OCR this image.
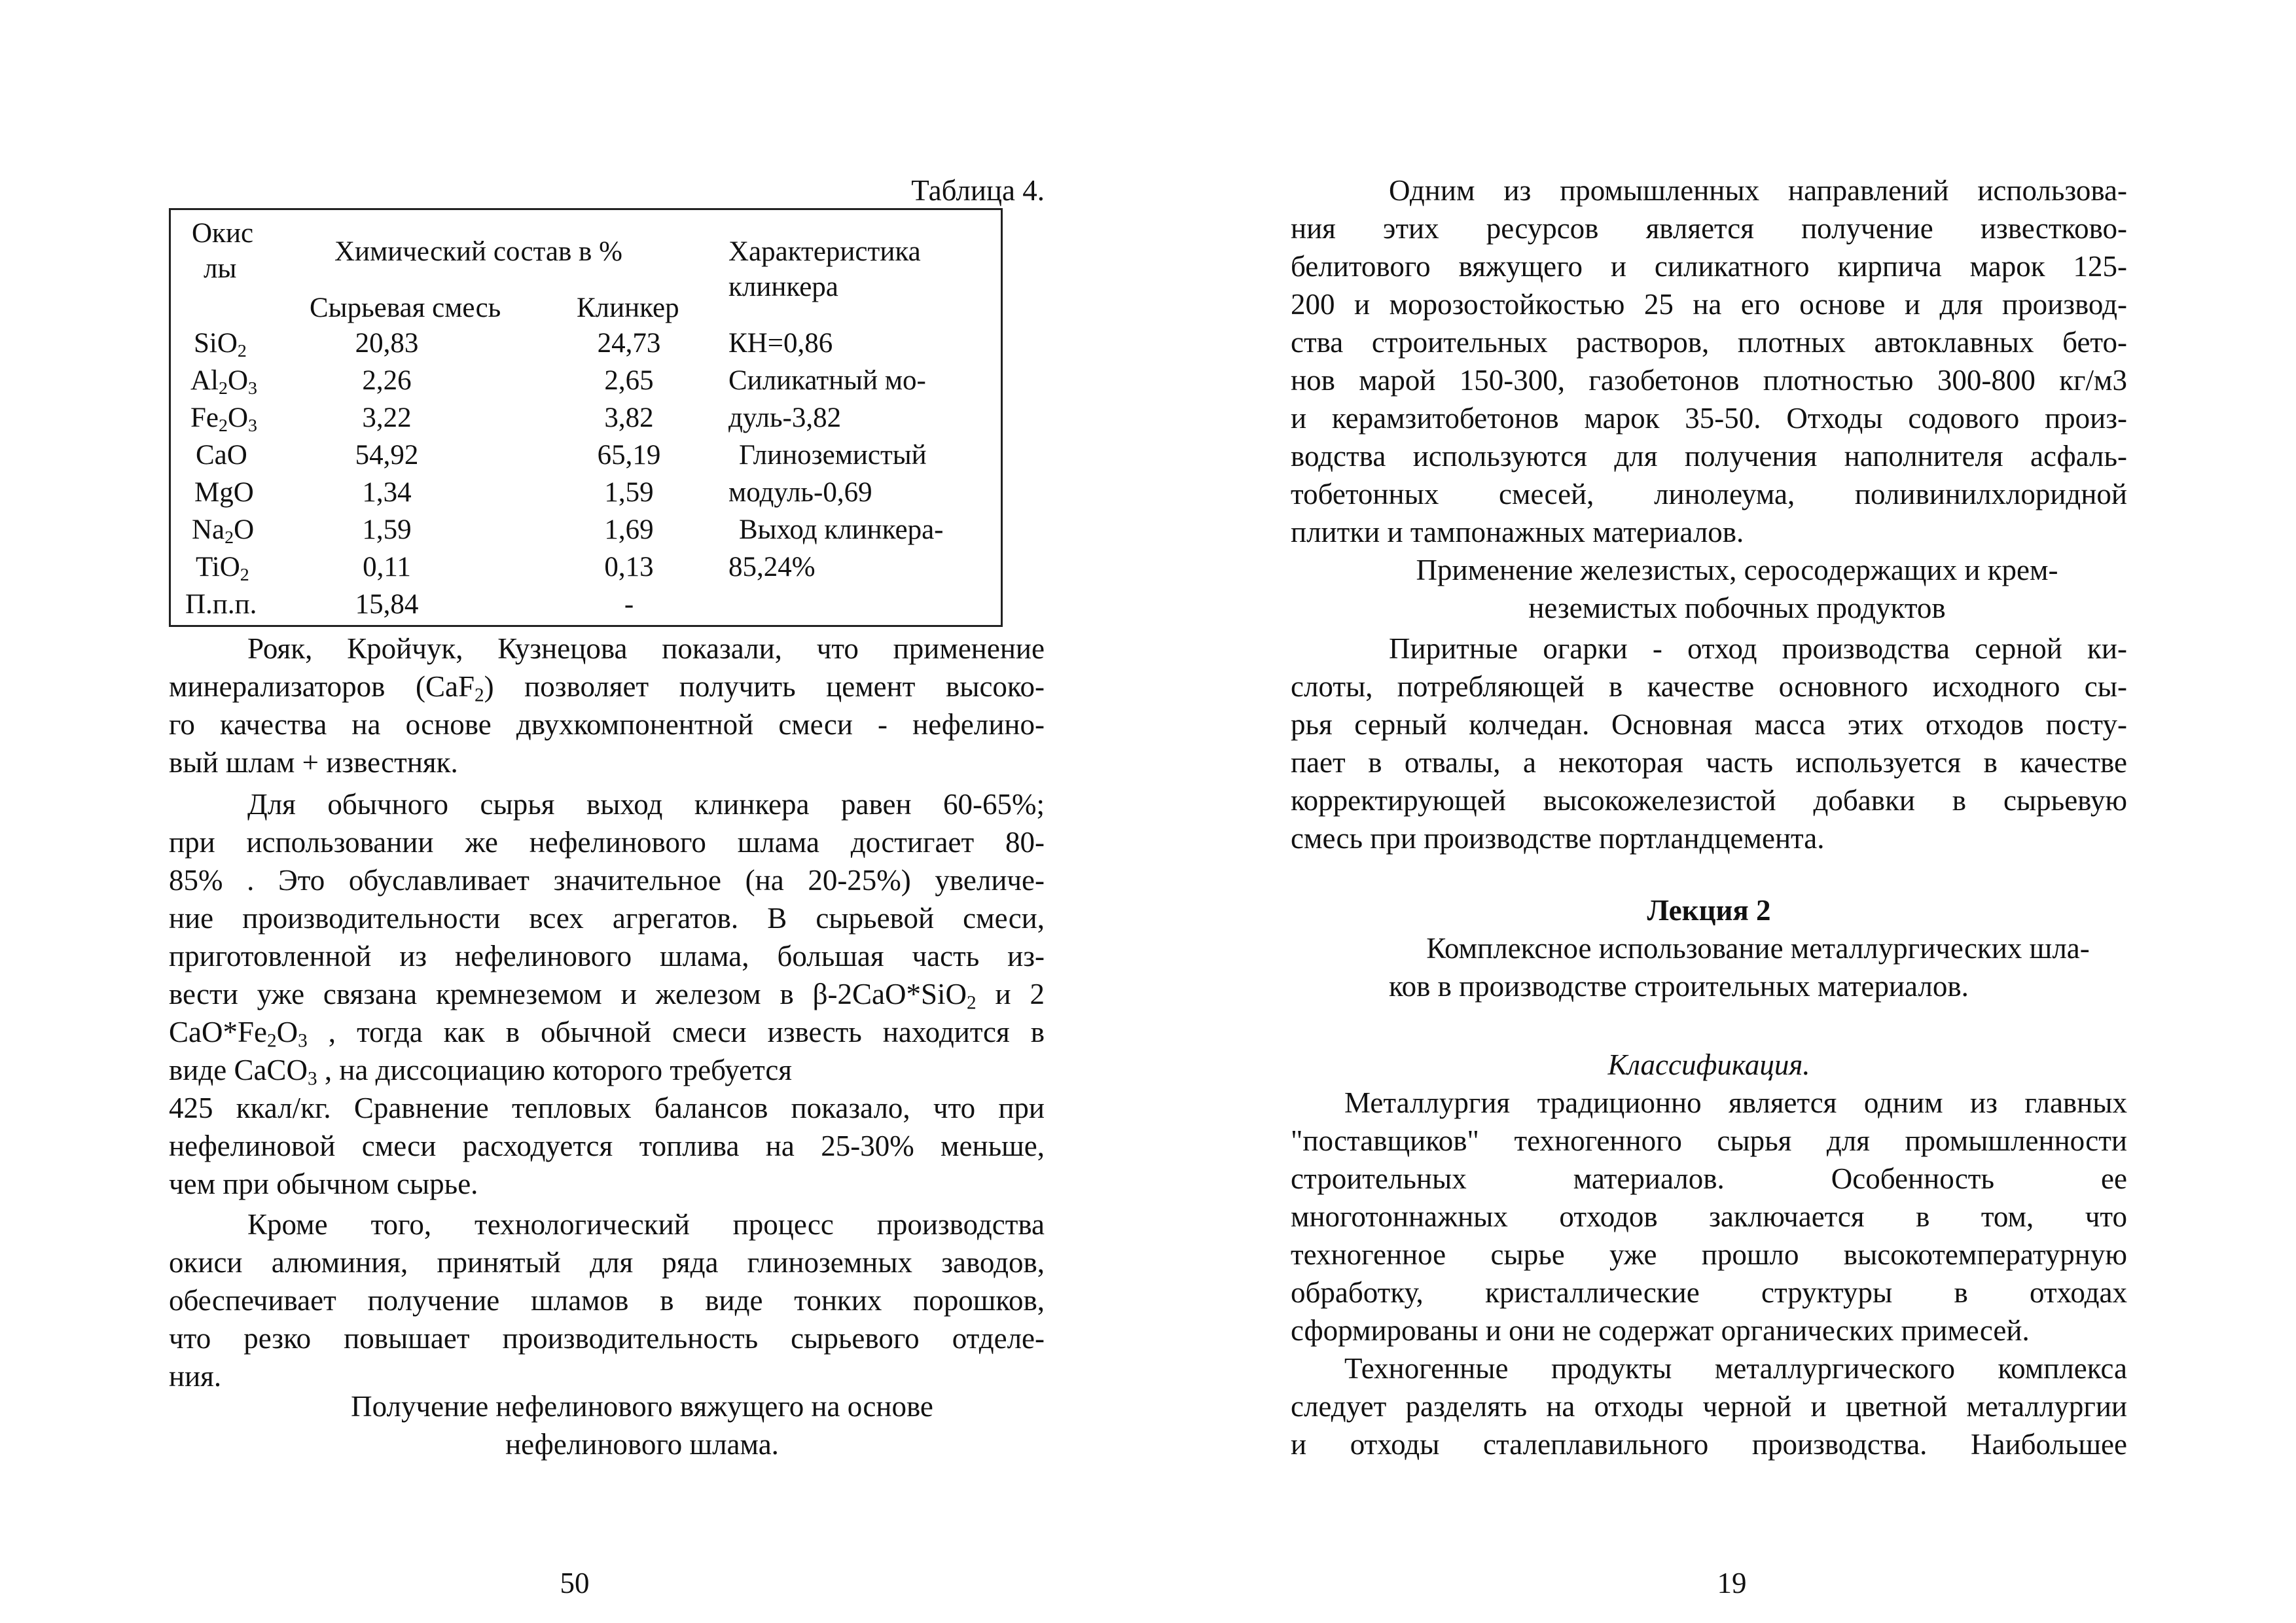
Таблица 4.
Окис
лы
Химический состав в %
Сырьевая смесь	Клинкер
Характеристика
клинкера
SiO$_2$	20,83	24,73	КН=0,86
$Al_2O_3$	2,26	2,65	Силикатный мо-
$Fe_2O_3$	3,22	3,82	дуль-3,82
CaO	54,92	65,19	Глиноземистый
MgO	1,34	1,59	модуль-0,69
$Na_2O$	1,59	1,69	Выход клинкера-
TiO$_2$	0,11	0,13	85,24%
П.п.п.	15,84	-
Рояк, Кройчук, Кузнецова показали, что применение
минерализаторов (CaF$_2$) позволяет получить цемент высоко-
го качества на основе двухкомпонентной смеси - нефелино-
вый шлам + известняк.
Для обычного сырья выход клинкера равен 60-65%;
при использовании же нефелинового шлама достигает 80-
85% . Это обуславливает значительное (на 20-25%) увеличе-
ние производительности всех агрегатов. В сырьевой смеси,
приготовленной из нефелинового шлама, большая часть из-
вести уже связана кремнеземом и железом в β-2CaO*SiO$_2$ и 2
$CaO*Fe_2O_3$ , тогда как в обычной смеси известь находится в
виде CaCO$_3$ , на диссоциацию которого требуется
425 ккал/кг. Сравнение тепловых балансов показало, что при
нефелиновой смеси расходуется топлива на 25-30% меньше,
чем при обычном сырье.
Кроме того, технологический процесс производства
окиси алюминия, принятый для ряда глиноземных заводов,
обеспечивает получение шламов в виде тонких порошков,
что резко повышает производительность сырьевого отделе-
ния.
Получение нефелинового вяжущего на основе
нефелинового шлама.
50
Одним из промышленных направлений использова-
ния этих ресурсов является получение известково-
белитового вяжущего и силикатного кирпича марок 125-
200 и морозостойкостью 25 на его основе и для производ-
ства строительных растворов, плотных автоклавных бето-
нов марой 150-300, газобетонов плотностью 300-800 кг/м3
и керамзитобетонов марок 35-50. Отходы содового произ-
водства используются для получения наполнителя асфаль-
тобетонных смесей, линолеума, поливинилхлоридной
плитки и тампонажных материалов.
Применение железистых, серосодержащих и крем-
неземистых побочных продуктов
Пиритные огарки - отход производства серной ки-
слоты, потребляющей в качестве основного исходного сы-
рья серный колчедан. Основная масса этих отходов посту-
пает в отвалы, а некоторая часть используется в качестве
корректирующей высокожелезистой добавки в сырьевую
смесь при производстве портландцемента.
Лекция 2
Комплексное использование металлургических шла-
ков в производстве строительных материалов.
Классификация.
Металлургия традиционно является одним из главных
"поставщиков" техногенного сырья для промышленности
строительных материалов. Особенность ее
многотоннажных отходов заключается в том, что
техногенное сырье уже прошло высокотемпературную
обработку, кристаллические структуры в отходах
сформированы и они не содержат органических примесей.
Техногенные продукты металлургического комплекса
следует разделять на отходы черной и цветной металлургии
и отходы сталеплавильного производства. Наибольшее
19
